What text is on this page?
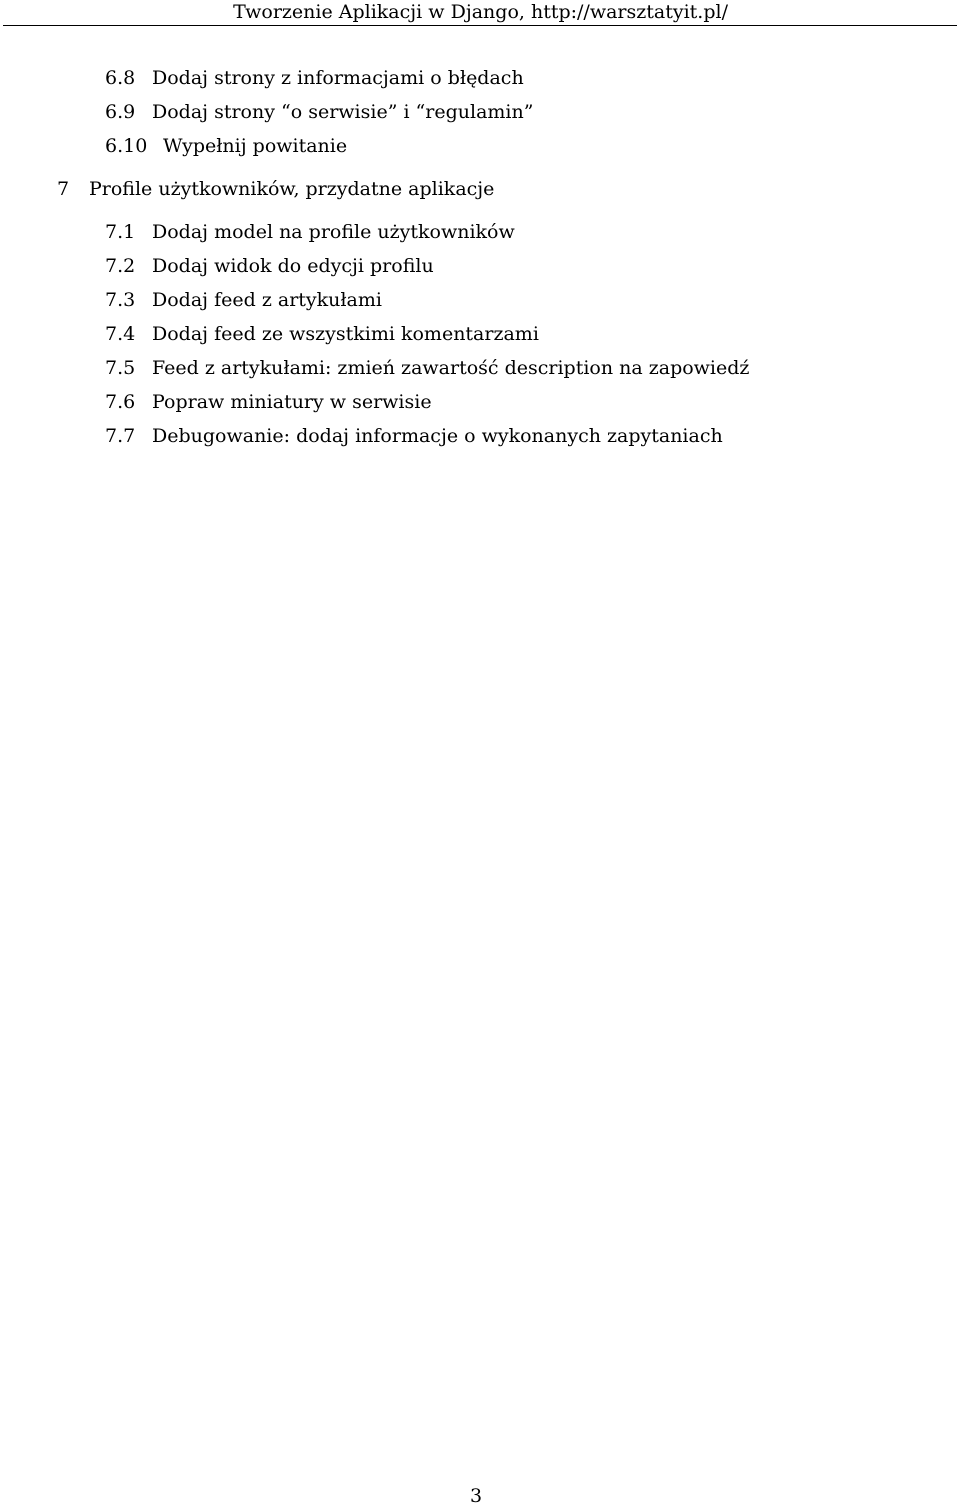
Tworzenie Aplikacji w Django, http://warsztatyit.pl/
6.8 Dodaj strony z informacjami o błędach
6.9 Dodaj strony “o serwisie” i “regulamin”
6.10 Wypełnij powitanie
7 Profile użytkowników, przydatne aplikacje
7.1 Dodaj model na profile użytkowników
7.2 Dodaj widok do edycji profilu
7.3 Dodaj feed z artykułami
7.4 Dodaj feed ze wszystkimi komentarzami
7.5 Feed z artykułami: zmień zawartość description na zapowiedź
7.6 Popraw miniatury w serwisie
7.7 Debugowanie: dodaj informacje o wykonanych zapytaniach
3
